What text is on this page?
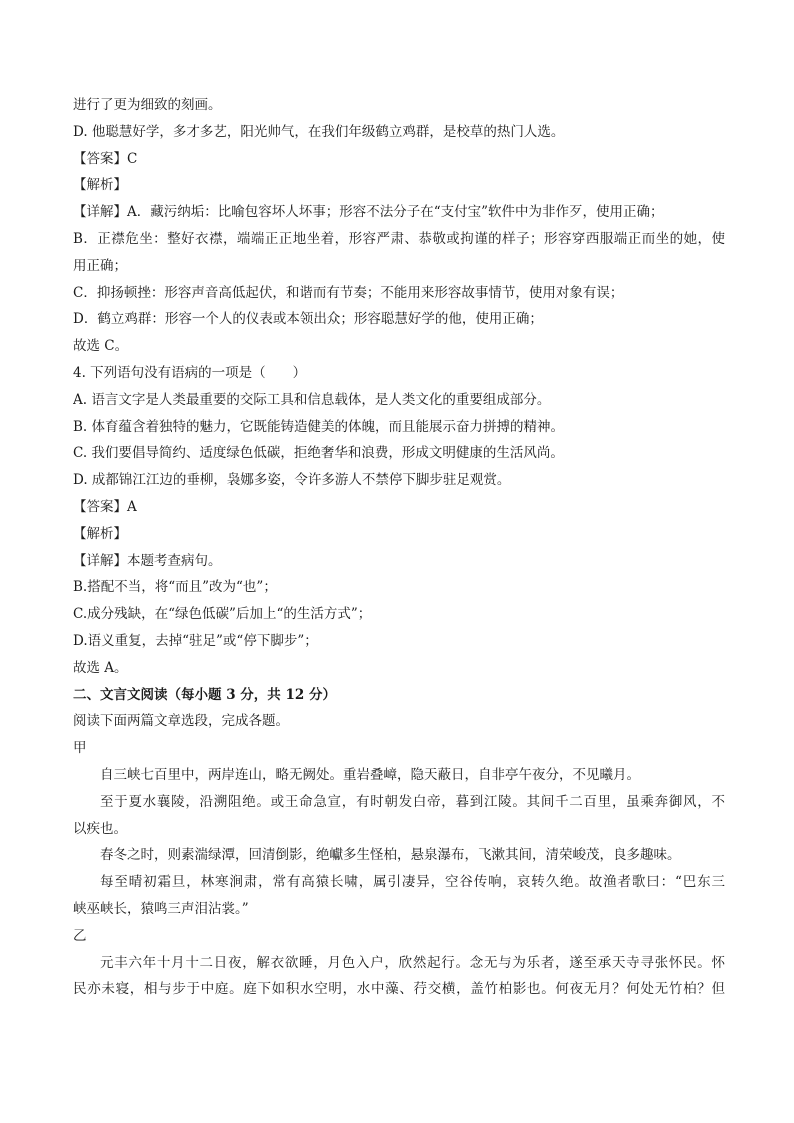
进行了更为细致的刻画。
D. 他聪慧好学，多才多艺，阳光帅气，在我们年级鹤立鸡群，是校草的热门人选。
【答案】C
【解析】
【详解】A．藏污纳垢：比喻包容坏人坏事；形容不法分子在“支付宝”软件中为非作歹，使用正确；
B．正襟危坐：整好衣襟，端端正正地坐着，形容严肃、恭敬或拘谨的样子；形容穿西服端正而坐的她，使
用正确；
C．抑扬顿挫：形容声音高低起伏，和谐而有节奏；不能用来形容故事情节，使用对象有误；
D．鹤立鸡群：形容一个人的仪表或本领出众；形容聪慧好学的他，使用正确；
故选 C。
4. 下列语句没有语病的一项是（　　）
A. 语言文字是人类最重要的交际工具和信息载体，是人类文化的重要组成部分。
B. 体育蕴含着独特的魅力，它既能铸造健美的体魄，而且能展示奋力拼搏的精神。
C. 我们要倡导简约、适度绿色低碳，拒绝奢华和浪费，形成文明健康的生活风尚。
D. 成都锦江江边的垂柳，袅娜多姿，令许多游人不禁停下脚步驻足观赏。
【答案】A
【解析】
【详解】本题考查病句。
B.搭配不当，将“而且”改为“也”；
C.成分残缺，在“绿色低碳”后加上“的生活方式”；
D.语义重复，去掉“驻足”或“停下脚步”；
故选 A。
二、文言文阅读（每小题 3 分，共 12 分）
阅读下面两篇文章选段，完成各题。
甲
自三峡七百里中，两岸连山，略无阙处。重岩叠嶂，隐天蔽日，自非亭午夜分，不见曦月。
至于夏水襄陵，沿溯阻绝。或王命急宣，有时朝发白帝，暮到江陵。其间千二百里，虽乘奔御风，不
以疾也。
春冬之时，则素湍绿潭，回清倒影，绝巘多生怪柏，悬泉瀑布，飞漱其间，清荣峻茂，良多趣味。
每至晴初霜旦，林寒涧肃，常有高猿长啸，属引凄异，空谷传响，哀转久绝。故渔者歌曰：“巴东三
峡巫峡长，猿鸣三声泪沾裳。”
乙
元丰六年十月十二日夜，解衣欲睡，月色入户，欣然起行。念无与为乐者，遂至承天寺寻张怀民。怀
民亦未寝，相与步于中庭。庭下如积水空明，水中藻、荇交横，盖竹柏影也。何夜无月？何处无竹柏？但
